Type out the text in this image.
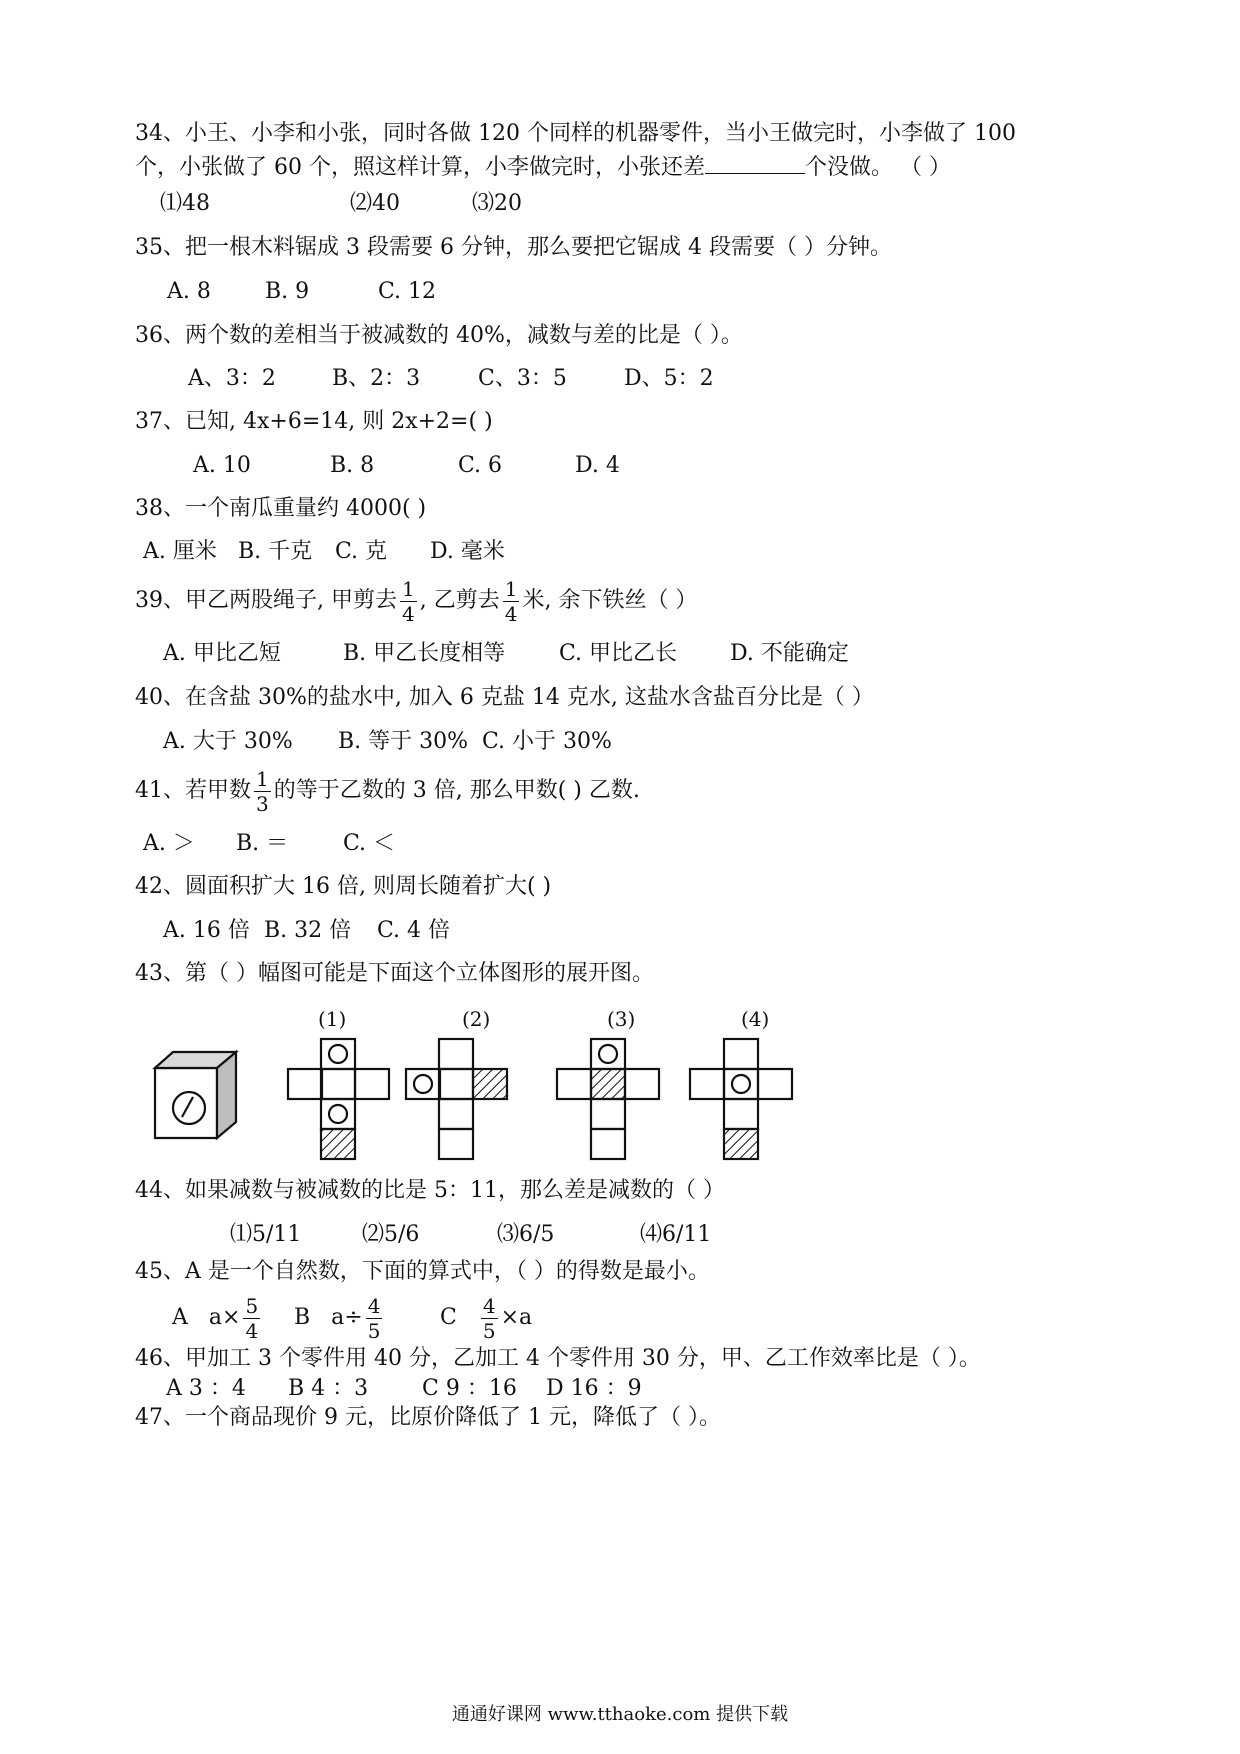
34、小王、小李和小张，同时各做 120 个同样的机器零件，当小王做完时，小李做了 100
个，小张做了 60 个，照这样计算，小李做完时，小张还差	个没做。 （ ）
⑴48	⑵40	⑶20
35、把一根木料锯成 3 段需要 6 分钟，那么要把它锯成 4 段需要（ ）分钟。
A. 8 B. 9	C. 12
36、两个数的差相当于被减数的 40%，减数与差的比是（ ）。
A、3：2	B、2：3	C、3：5	D、5：2
37、已知, 4x+6=14, 则 2x+2=( )
A. 10	B. 8	C. 6	D. 4
38、一个南瓜重量约 4000( )
A. 厘米 B. 千克 C. 克 D. 毫米
39、甲乙两股绳子, 甲剪去 $\frac{1}{4}$ , 乙剪去 $\frac{1}{4}$ 米, 余下铁丝（ ）
A. 甲比乙短	B. 甲乙长度相等 C. 甲比乙长 D. 不能确定
40、在含盐 30%的盐水中, 加入 6 克盐 14 克水, 这盐水含盐百分比是（ ）
A. 大于 30% B. 等于 30% C. 小于 30%
41、若甲数 $\frac{1}{3}$ 的等于乙数的 3 倍, 那么甲数( ) 乙数.
A. ＞ B. ＝ C. ＜
42、圆面积扩大 16 倍, 则周长随着扩大( )
A. 16 倍 B. 32 倍 C. 4 倍
43、第（ ）幅图可能是下面这个立体图形的展开图。
(1)	(2)	(3)	(4)
44、如果减数与被减数的比是 5：11，那么差是减数的（ ）
⑴5/11	⑵5/6	⑶6/5	⑷6/11
45、A 是一个自然数，下面的算式中，（ ）的得数是最小。
A $a\times \frac{5}{4}$ B $a\div \frac{4}{5}$	C $\frac{4}{5} \times a$
46、甲加工 3 个零件用 40 分，乙加工 4 个零件用 30 分，甲、乙工作效率比是（ ）。
A 3 ：4 B 4 ：3 C 9 ：16 D 16 ：9
47、一个商品现价 9 元，比原价降低了 1 元，降低了（ ）。
通通好课网 www.tthaoke.com 提供下载
